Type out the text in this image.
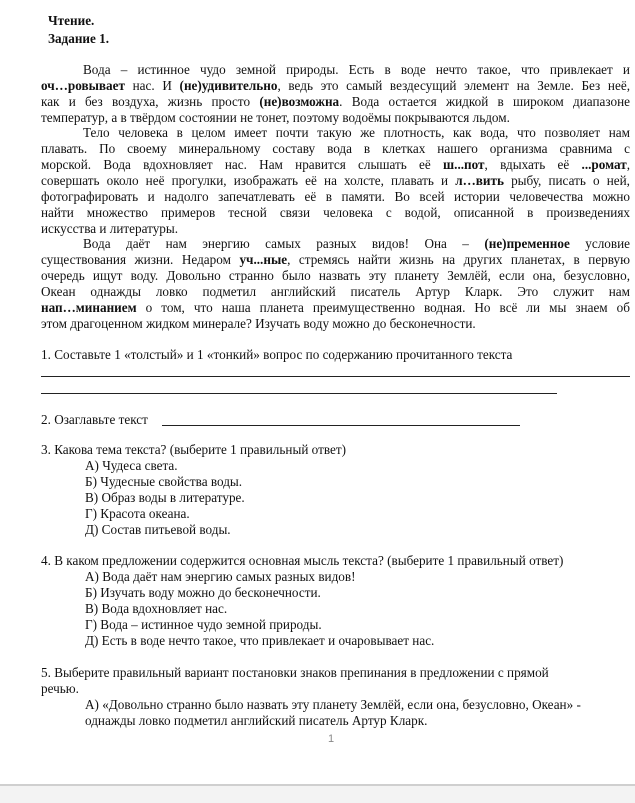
Чтение.
Задание 1.
Вода – истинное чудо земной природы. Есть в воде нечто такое, что привлекает и
оч…ровывает нас. И (не)удивительно, ведь это самый вездесущий элемент на Земле. Без неё,
как и без воздуха, жизнь просто (не)возможна. Вода остается жидкой в широком диапазоне
температур, а в твёрдом состоянии не тонет, поэтому водоёмы покрываются льдом.
Тело человека в целом имеет почти такую же плотность, как вода, что позволяет нам
плавать. По своему минеральному составу вода в клетках нашего организма сравнима с
морской. Вода вдохновляет нас. Нам нравится слышать её ш...пот, вдыхать её ...ромат,
совершать около неё прогулки, изображать её на холсте, плавать и л…вить рыбу, писать о ней,
фотографировать и надолго запечатлевать её в памяти. Во всей истории человечества можно
найти множество примеров тесной связи человека с водой, описанной в произведениях
искусства и литературы.
Вода даёт нам энергию самых разных видов! Она – (не)пременное условие
существования жизни. Недаром уч...ные, стремясь найти жизнь на других планетах, в первую
очередь ищут воду. Довольно странно было назвать эту планету Землёй, если она, безусловно,
Океан однажды ловко подметил английский писатель Артур Кларк. Это служит нам
нап…минанием о том, что наша планета преимущественно водная. Но всё ли мы знаем об
этом драгоценном жидком минерале? Изучать воду можно до бесконечности.
1. Составьте 1 «толстый» и 1 «тонкий» вопрос по содержанию прочитанного текста
2. Озаглавьте текст
3. Какова тема текста? (выберите 1 правильный ответ)
А) Чудеса света.
Б) Чудесные свойства воды.
В) Образ воды в литературе.
Г) Красота океана.
Д) Состав питьевой воды.
4. В каком предложении содержится основная мысль текста? (выберите 1 правильный ответ)
А) Вода даёт нам энергию самых разных видов!
Б) Изучать воду можно до бесконечности.
В) Вода вдохновляет нас.
Г) Вода – истинное чудо земной природы.
Д) Есть в воде нечто такое, что привлекает и очаровывает нас.
5. Выберите правильный вариант постановки знаков препинания в предложении с прямой
речью.
А) «Довольно странно было назвать эту планету Землёй, если она, безусловно, Океан» -
однажды ловко подметил английский писатель Артур Кларк.
1
